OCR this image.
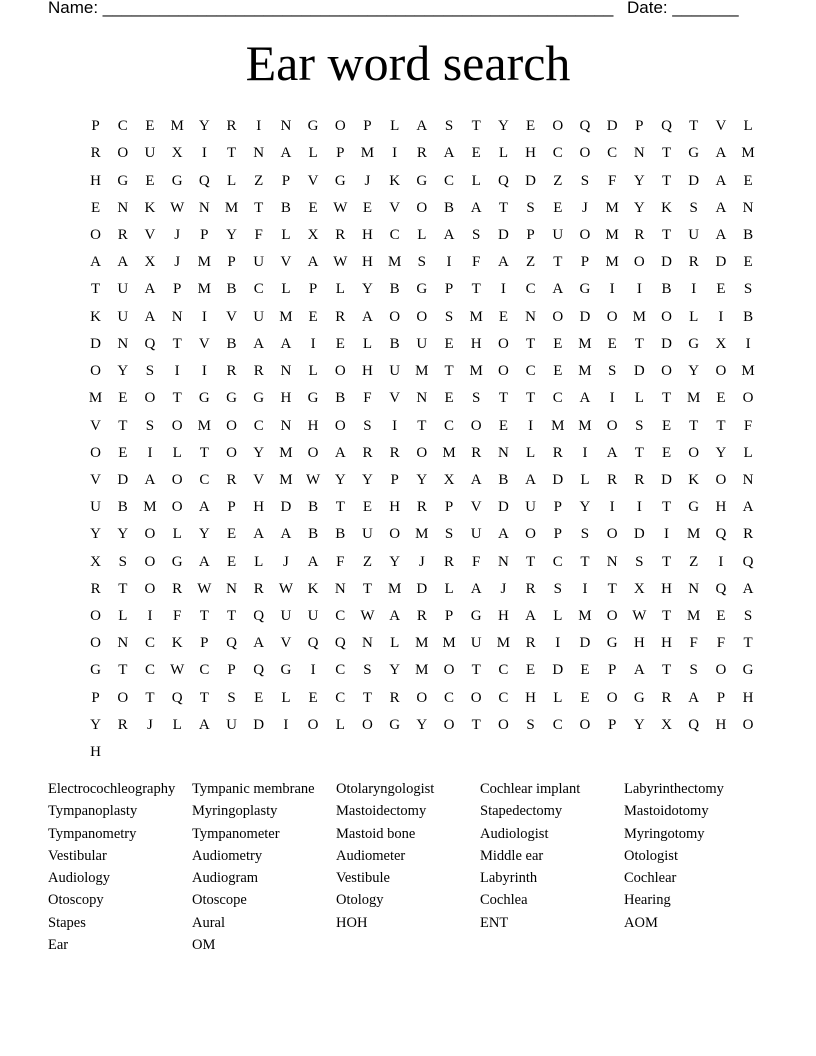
Name: ______________________________________________________ Date: _______
Ear word search
P	C	E	M	Y	R	I	N	G	O	P	L	A	S	T	Y	E	O	Q	D	P	Q	T	V	L
R	O	U	X	I	T	N	A	L	P	M	I	R	A	E	L	H	C	O	C	N	T	G	A	M
H	G	E	G	Q	L	Z	P	V	G	J	K	G	C	L	Q	D	Z	S	F	Y	T	D	A	E
E	N	K W N	M	T	B	E	W	E	V	O	B	A	T	S	E	J	M	Y	K	S	A	N
O	R	V	J	P	Y	F	L	X	R	H	C	L	A	S	D	P	U	O	M	R	T	U	A	B
A	A	X	J	M	P	U	V	A W H	M	S	I	F	A	Z	T	P	M	O	D	R	D	E
T	U	A	P	M	B	C	L	P	L	Y	B	G	P	T	I	C	A	G	I	I	B	I	E	S
K	U	A	N	I	V	U	M	E	R	A	O	O	S	M	E	N	O	D	O	M	O	L	I	B
D	N	Q	T	V	B	A	A	I	E	L	B	U	E	H	O	T	E	M	E	T	D	G	X	I
O	Y	S	I	I	R	R	N	L	O	H	U	M	T	M	O	C	E	M	S	D	O	Y	O	M
M	E	O	T	G	G	G	H	G	B	F	V	N	E	S	T	T	C	A	I	L	T	M	E	O
V	T	S	O	M	O	C	N	H	O	S	I	T	C	O	E	I	M M	O	S	E	T	T	F
O	E	I	L	T	O	Y	M	O	A	R	R	O	M	R	N	L	R	I	A	T	E	O	Y	L
V	D	A	O	C	R	V	M W Y	Y	P	Y	X	A	B	A	D	L	R	R	D	K	O	N
U	B	M	O	A	P	H	D	B	T	E	H	R	P	V	D	U	P	Y	I	I	T	G	H	A
Y	Y	O	L	Y	E	A	A	B	B	U	O	M	S	U	A	O	P	S	O	D	I	M	Q	R
X	S	O	G	A	E	L	J	A	F	Z	Y	J	R	F	N	T	C	T	N	S	T	Z	I	Q
R	T	O	R	W N	R	W K	N	T	M	D	L	A	J	R	S	I	T	X	H	N	Q	A
O	L	I	F	T	T	Q	U	U	C	W A	R	P	G	H	A	L	M	O W	T	M	E	S
O	N	C	K	P	Q	A	V	Q	Q	N	L	M M	U	M	R	I	D	G	H	H	F	F	T
G	T	C	W	C	P	Q	G	I	C	S	Y	M	O	T	C	E	D	E	P	A	T	S	O	G
P	O	T	Q	T	S	E	L	E	C	T	R	O	C	O	C	H	L	E	O	G	R	A	P	H
Y	R	J	L	A	U	D	I	O	L	O	G	Y	O	T	O	S	C	O	P	Y	X	Q	H	O
H
Electrocochleography	Tympanic membrane	Otolaryngologist	Cochlear implant	Labyrinthectomy
Tympanoplasty	Myringoplasty	Mastoidectomy	Stapedectomy	Mastoidotomy
Tympanometry	Tympanometer	Mastoid bone	Audiologist	Myringotomy
Vestibular	Audiometry	Audiometer	Middle ear	Otologist
Audiology	Audiogram	Vestibule	Labyrinth	Cochlear
Otoscopy	Otoscope	Otology	Cochlea	Hearing
Stapes	Aural	HOH	ENT	AOM
Ear	OM
